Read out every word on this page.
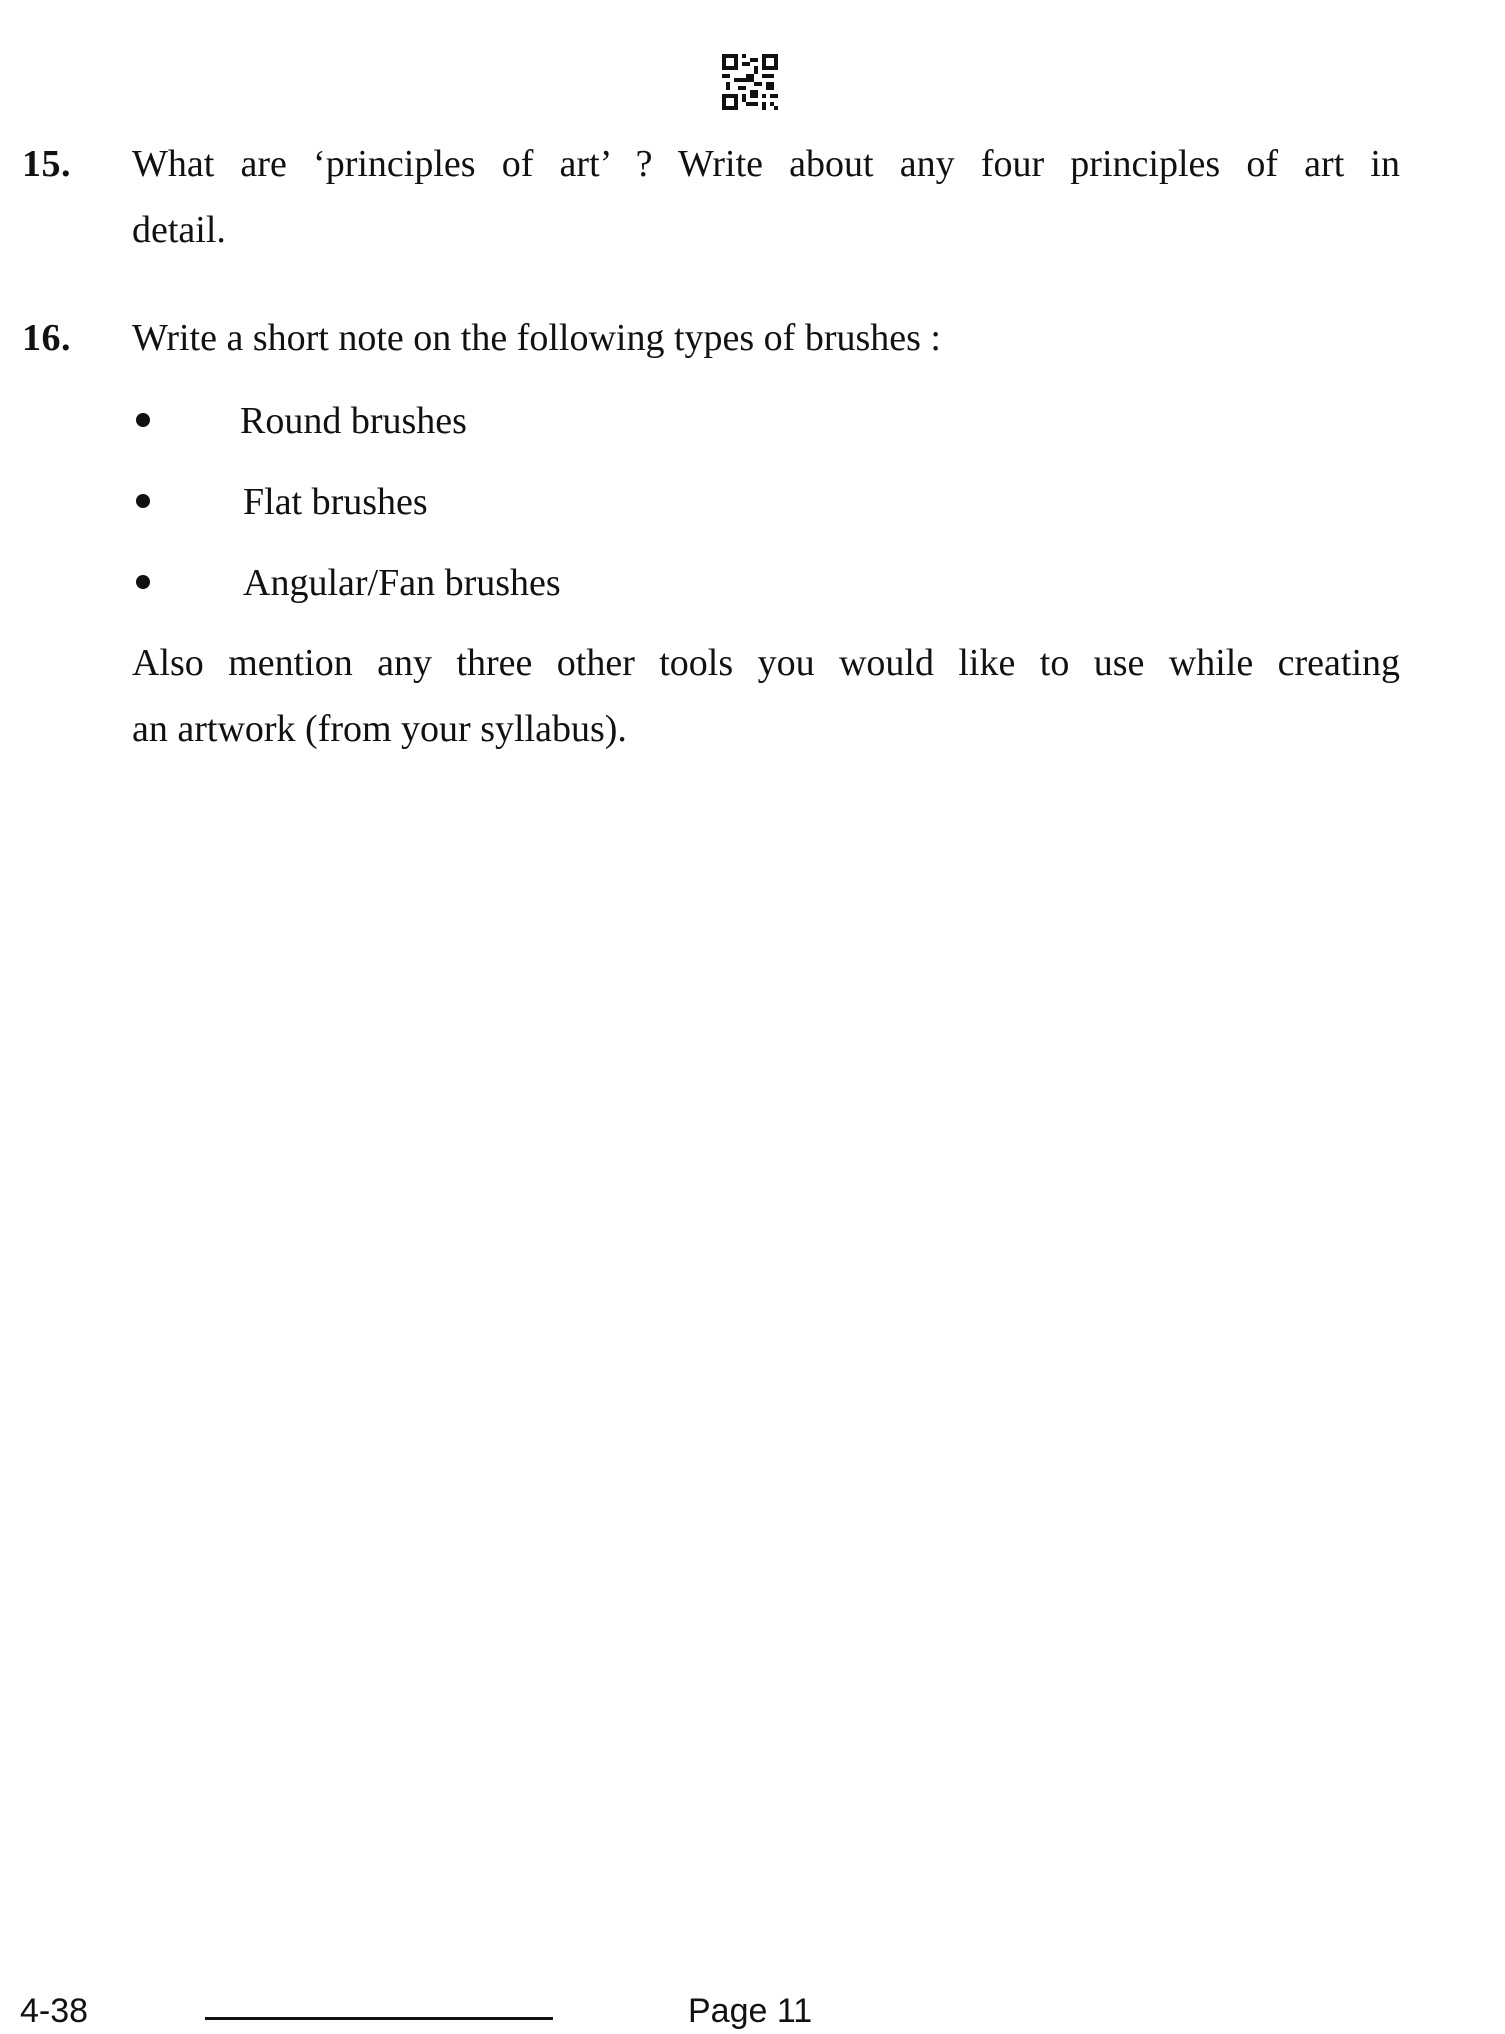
15. What are ‘principles of art’ ? Write about any four principles of art in
detail.
16. Write a short note on the following types of brushes :
Round brushes
Flat brushes
Angular/Fan brushes
Also mention any three other tools you would like to use while creating
an artwork (from your syllabus).
4-38	Page 11
